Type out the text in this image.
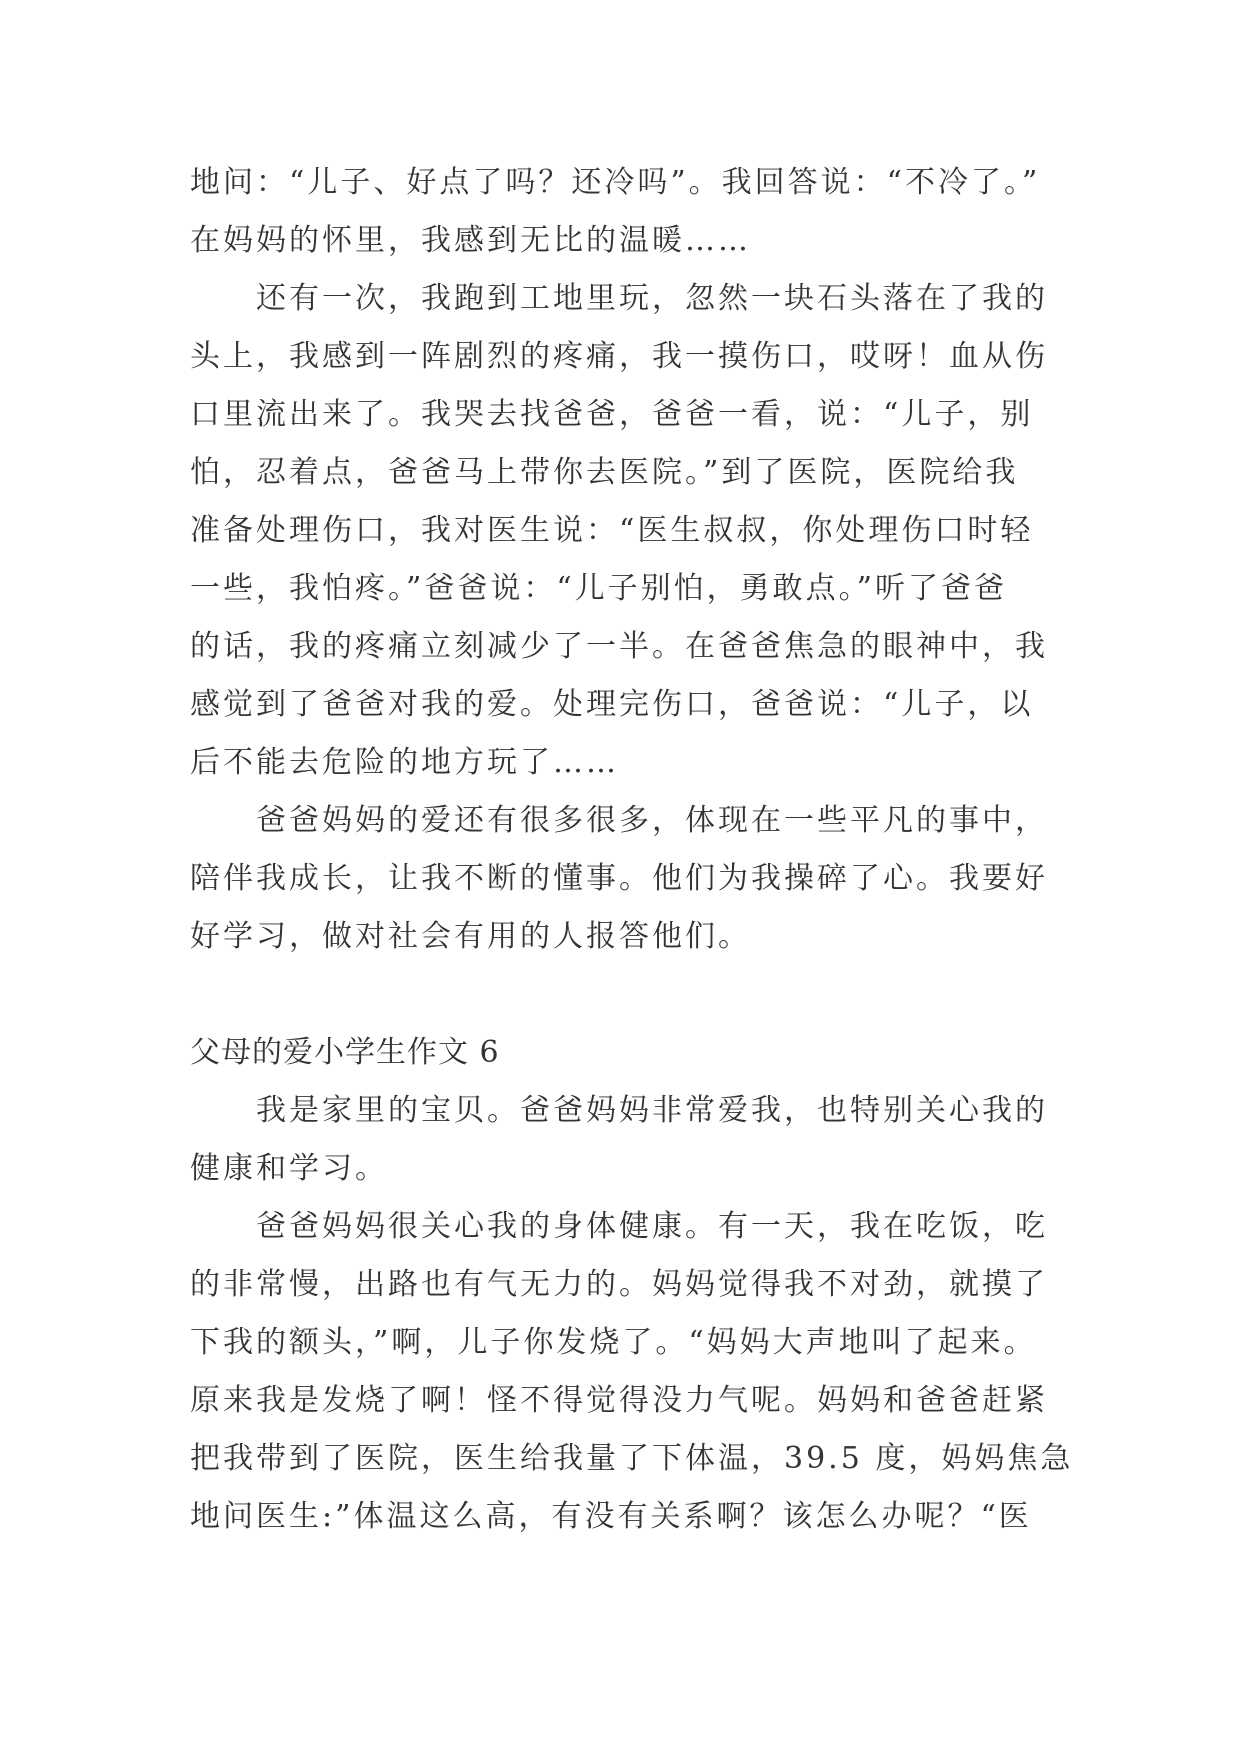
地问：“儿子、好点了吗？还冷吗”。我回答说：“不冷了。”
在妈妈的怀里，我感到无比的温暖……
还有一次，我跑到工地里玩，忽然一块石头落在了我的
头上，我感到一阵剧烈的疼痛，我一摸伤口，哎呀！血从伤
口里流出来了。我哭去找爸爸，爸爸一看，说：“儿子，别
怕，忍着点，爸爸马上带你去医院。”到了医院，医院给我
准备处理伤口，我对医生说：“医生叔叔，你处理伤口时轻
一些，我怕疼。”爸爸说：“儿子别怕，勇敢点。”听了爸爸
的话，我的疼痛立刻减少了一半。在爸爸焦急的眼神中，我
感觉到了爸爸对我的爱。处理完伤口，爸爸说：“儿子，以
后不能去危险的地方玩了……
爸爸妈妈的爱还有很多很多，体现在一些平凡的事中，
陪伴我成长，让我不断的懂事。他们为我操碎了心。我要好
好学习，做对社会有用的人报答他们。
父母的爱小学生作文 6
我是家里的宝贝。爸爸妈妈非常爱我，也特别关心我的
健康和学习。
爸爸妈妈很关心我的身体健康。有一天，我在吃饭，吃
的非常慢，出路也有气无力的。妈妈觉得我不对劲，就摸了
下我的额头，”啊，儿子你发烧了。“妈妈大声地叫了起来。
原来我是发烧了啊！怪不得觉得没力气呢。妈妈和爸爸赶紧
把我带到了医院，医生给我量了下体温，39.5 度，妈妈焦急
地问医生:”体温这么高，有没有关系啊？该怎么办呢？“医
